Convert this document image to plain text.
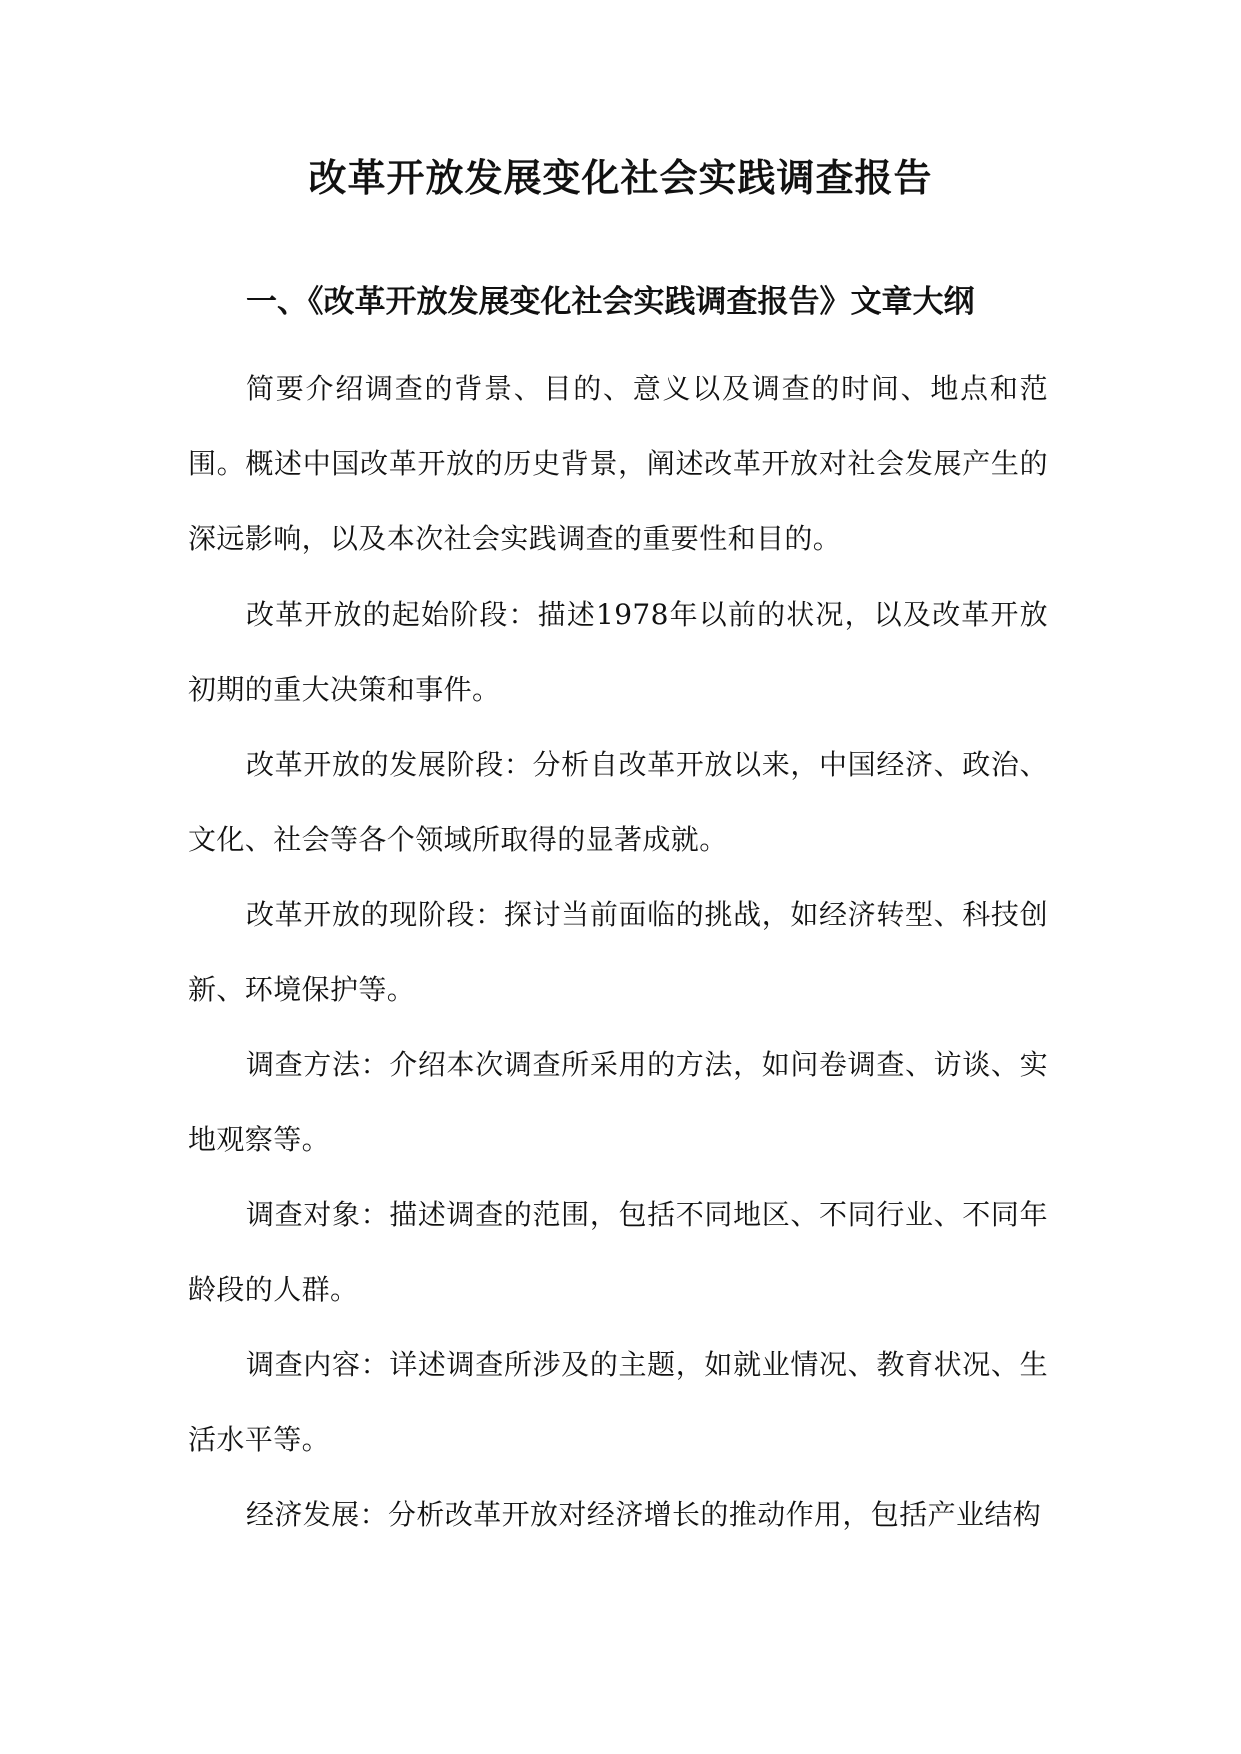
改革开放发展变化社会实践调查报告
一、《改革开放发展变化社会实践调查报告》文章大纲

简要介绍调查的背景、目的、意义以及调查的时间、地点和范围。概述中国改革开放的历史背景，阐述改革开放对社会发展产生的深远影响，以及本次社会实践调查的重要性和目的。

改革开放的起始阶段：描述1978年以前的状况，以及改革开放初期的重大决策和事件。

改革开放的发展阶段：分析自改革开放以来，中国经济、政治、文化、社会等各个领域所取得的显著成就。

改革开放的现阶段：探讨当前面临的挑战，如经济转型、科技创新、环境保护等。

调查方法：介绍本次调查所采用的方法，如问卷调查、访谈、实地观察等。

调查对象：描述调查的范围，包括不同地区、不同行业、不同年龄段的人群。

调查内容：详述调查所涉及的主题，如就业情况、教育状况、生活水平等。

经济发展：分析改革开放对经济增长的推动作用，包括产业结构
